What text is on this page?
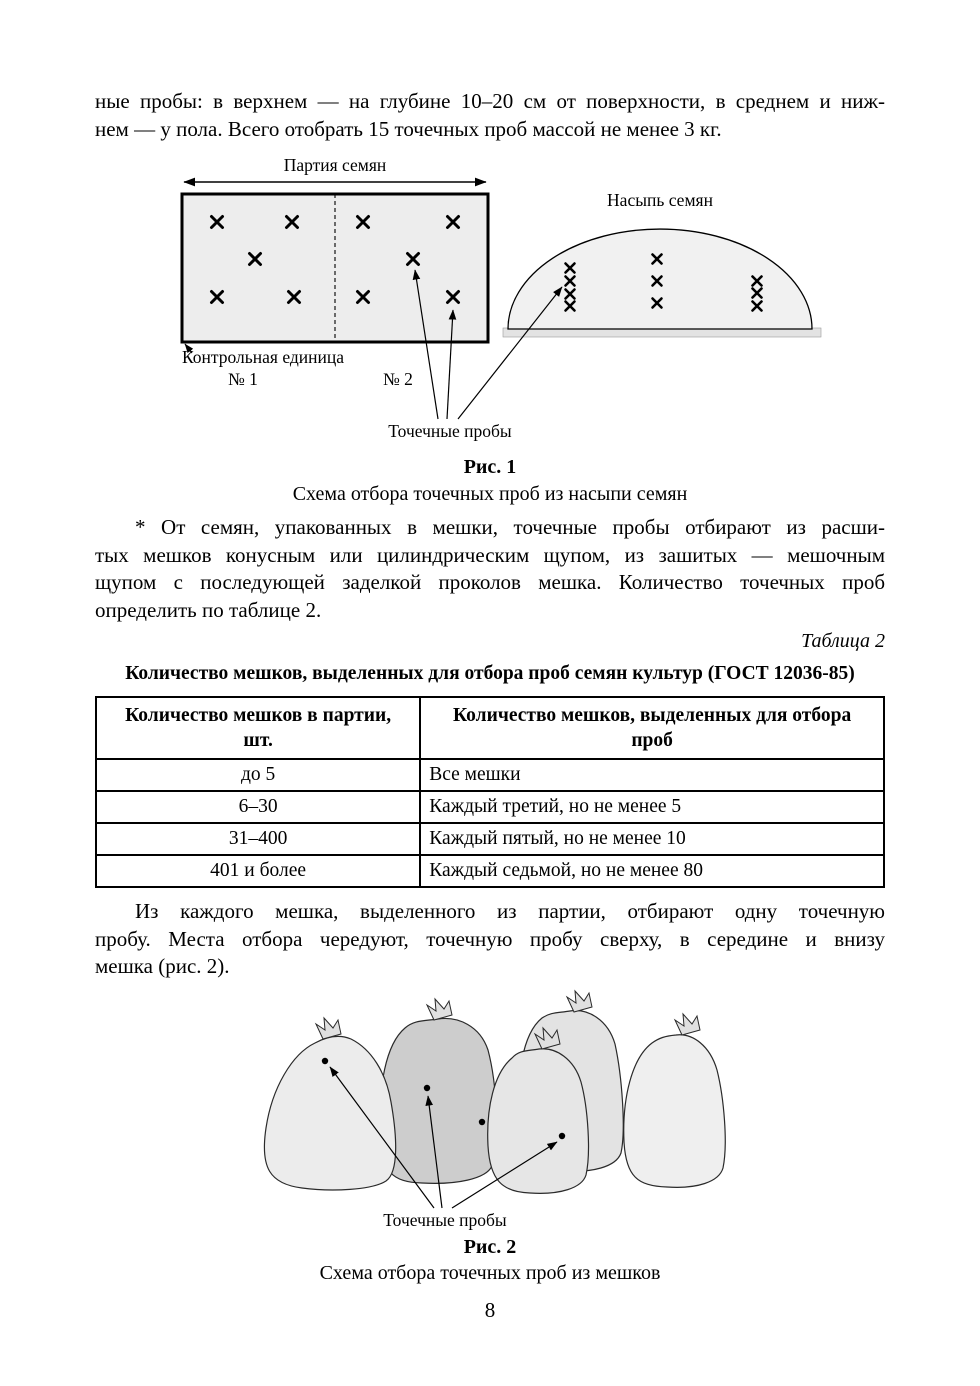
ные пробы: в верхнем — на глубине 10–20 см от поверхности, в среднем и ниж-
нем — у пола. Всего отобрать 15 точечных проб массой не менее 3 кг.
Партия семян
Насыпь семян
Контрольная единица
№ 1	№ 2
Точечные пробы
Рис. 1
Схема отбора точечных проб из насыпи семян
* От семян, упакованных в мешки, точечные пробы отбирают из расши-
тых мешков конусным или цилиндрическим щупом, из зашитых — мешочным
щупом с последующей заделкой проколов мешка. Количество точечных проб
определить по таблице 2.
Таблица 2
Количество мешков, выделенных для отбора проб семян культур (ГОСТ 12036-85)
Количество мешков в партии,
шт.

Количество мешков, выделенных для отбора
проб

до 5	Все мешки
6–30	Каждый третий, но не менее 5
31–400	Каждый пятый, но не менее 10
401 и более	Каждый седьмой, но не менее 80
Из каждого мешка, выделенного из партии, отбирают одну точечную
пробу. Места отбора чередуют, точечную пробу сверху, в середине и внизу
мешка (рис. 2).
Точечные пробы
Рис. 2
Схема отбора точечных проб из мешков
8
